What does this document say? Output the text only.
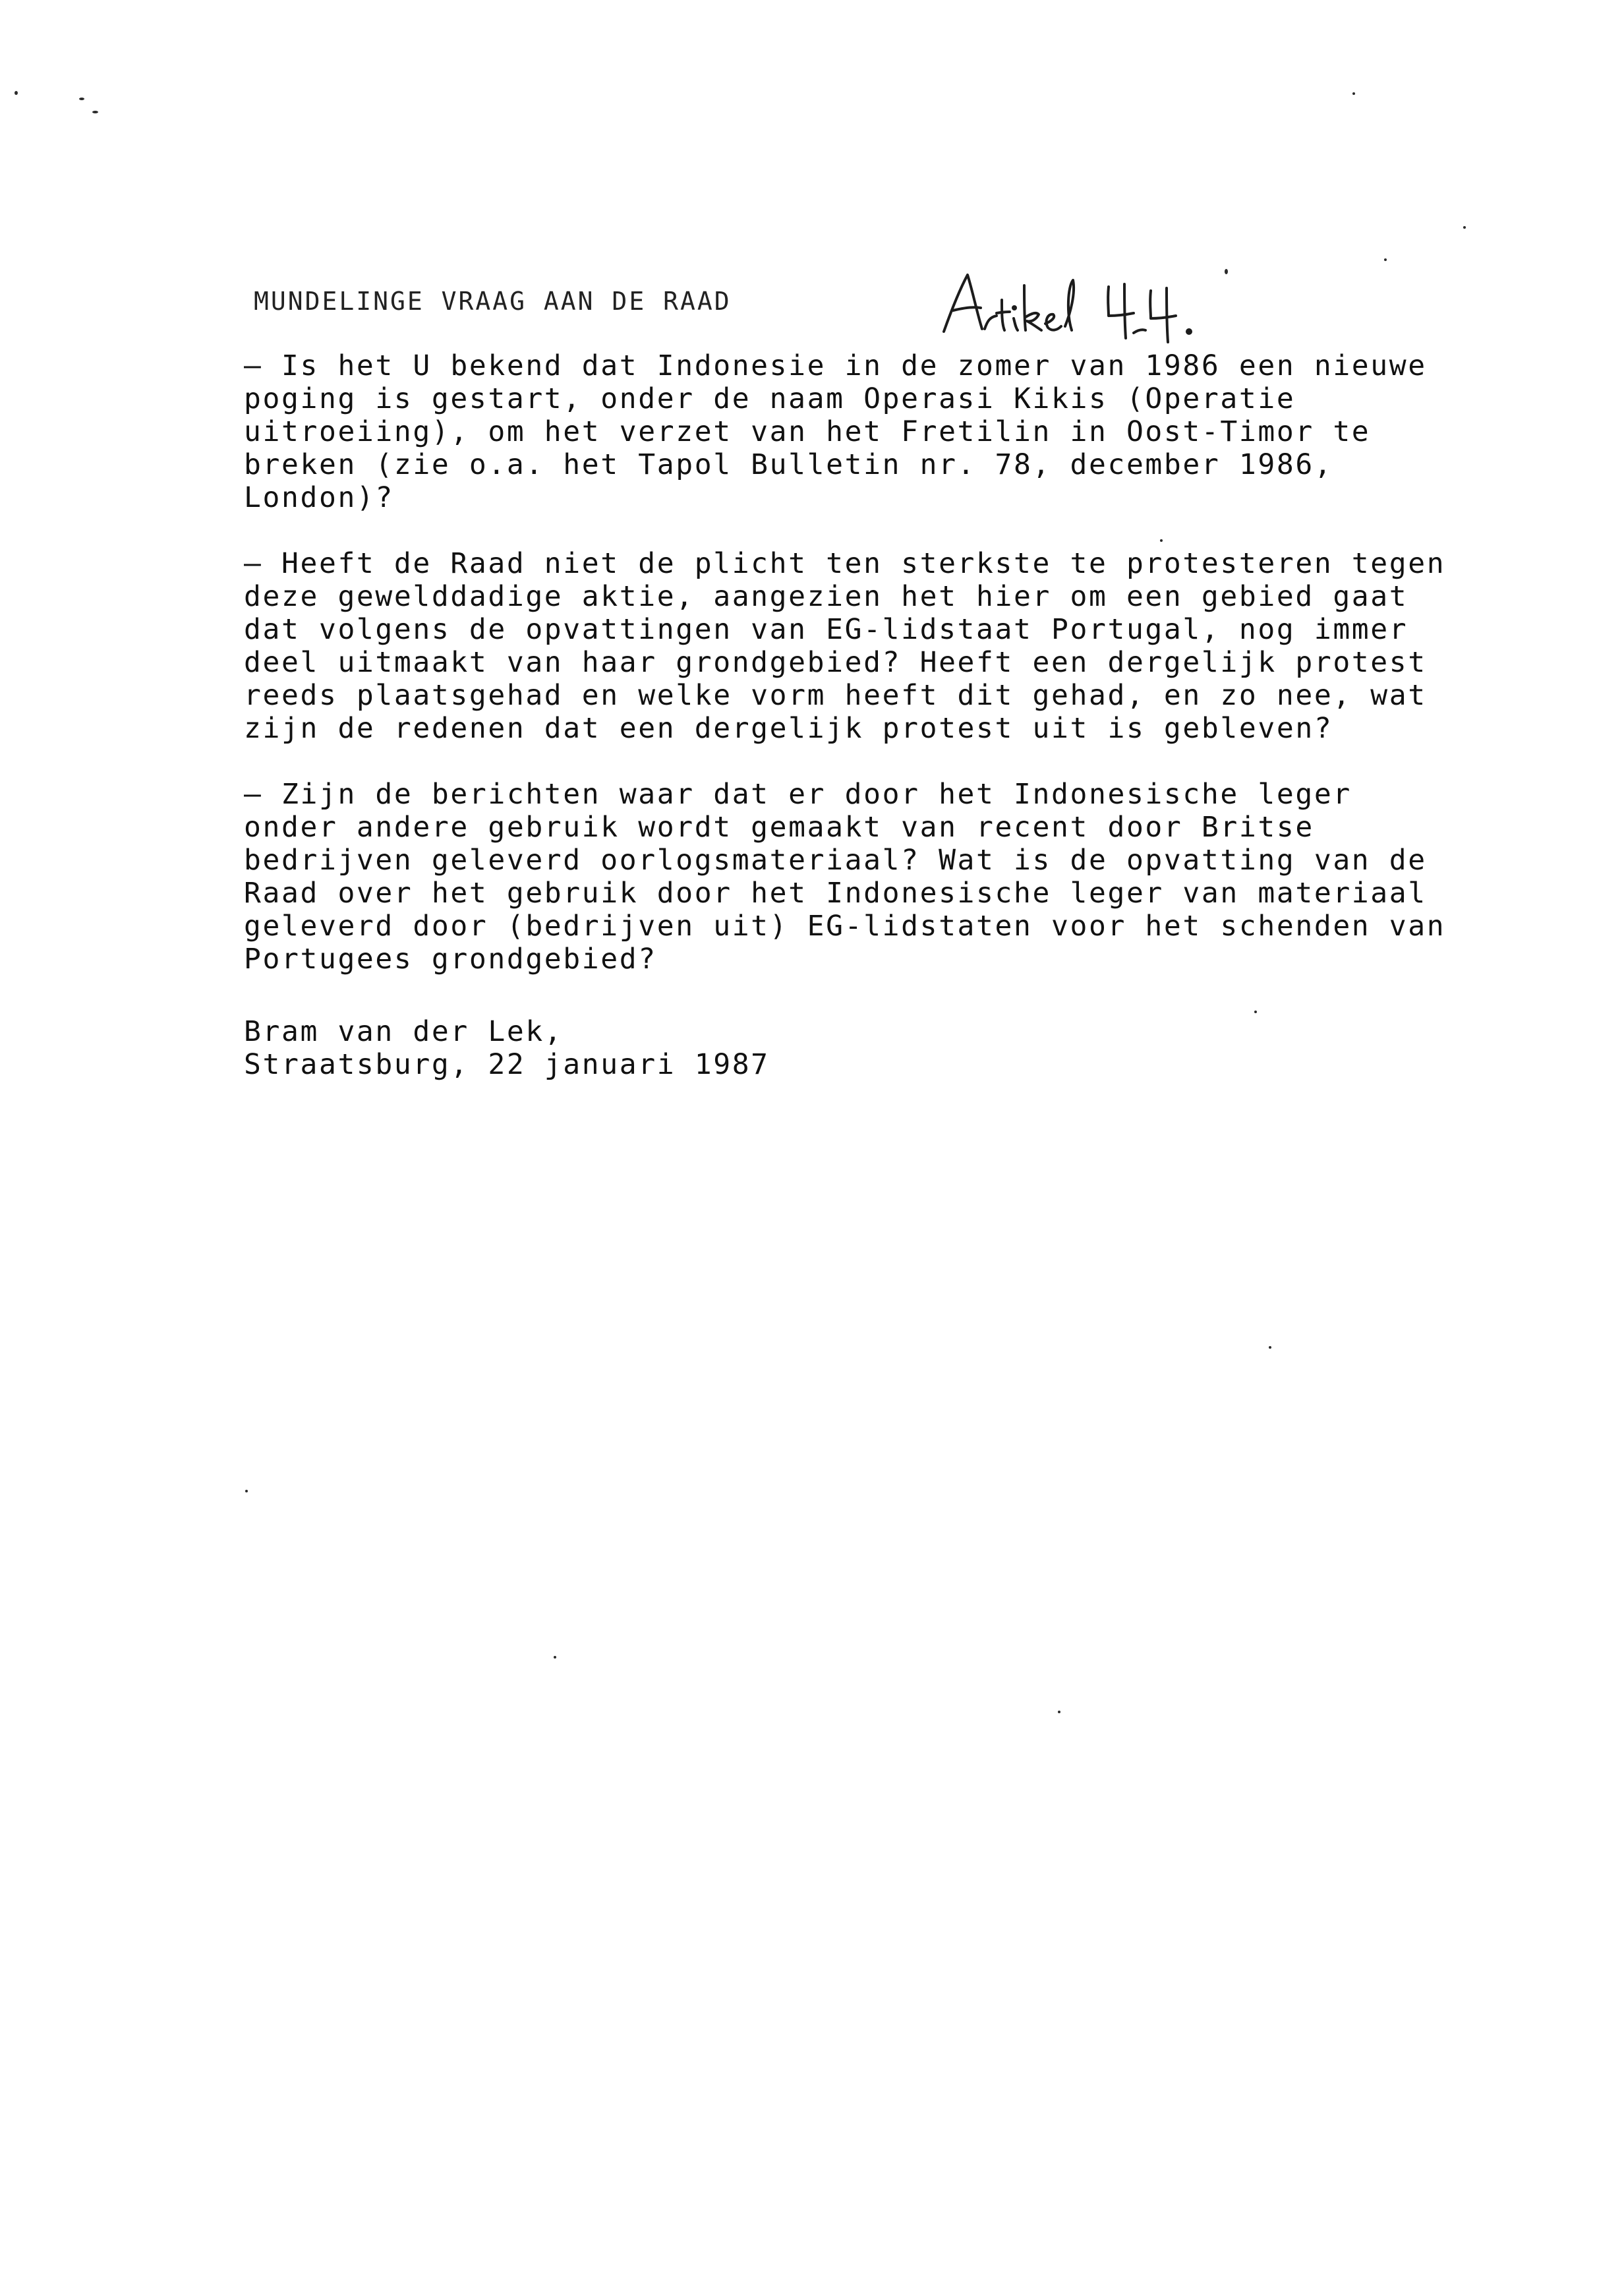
MUNDELINGE VRAAG AAN DE RAAD

– Is het U bekend dat Indonesie in de zomer van 1986 een nieuwe
poging is gestart, onder de naam Operasi Kikis (Operatie
uitroeiing), om het verzet van het Fretilin in Oost-Timor te
breken (zie o.a. het Tapol Bulletin nr. 78, december 1986,
London)?

– Heeft de Raad niet de plicht ten sterkste te protesteren tegen
deze gewelddadige aktie, aangezien het hier om een gebied gaat
dat volgens de opvattingen van EG-lidstaat Portugal, nog immer
deel uitmaakt van haar grondgebied? Heeft een dergelijk protest
reeds plaatsgehad en welke vorm heeft dit gehad, en zo nee, wat
zijn de redenen dat een dergelijk protest uit is gebleven?

– Zijn de berichten waar dat er door het Indonesische leger
onder andere gebruik wordt gemaakt van recent door Britse
bedrijven geleverd oorlogsmateriaal? Wat is de opvatting van de
Raad over het gebruik door het Indonesische leger van materiaal
geleverd door (bedrijven uit) EG-lidstaten voor het schenden van
Portugees grondgebied?

Bram van der Lek,
Straatsburg, 22 januari 1987
